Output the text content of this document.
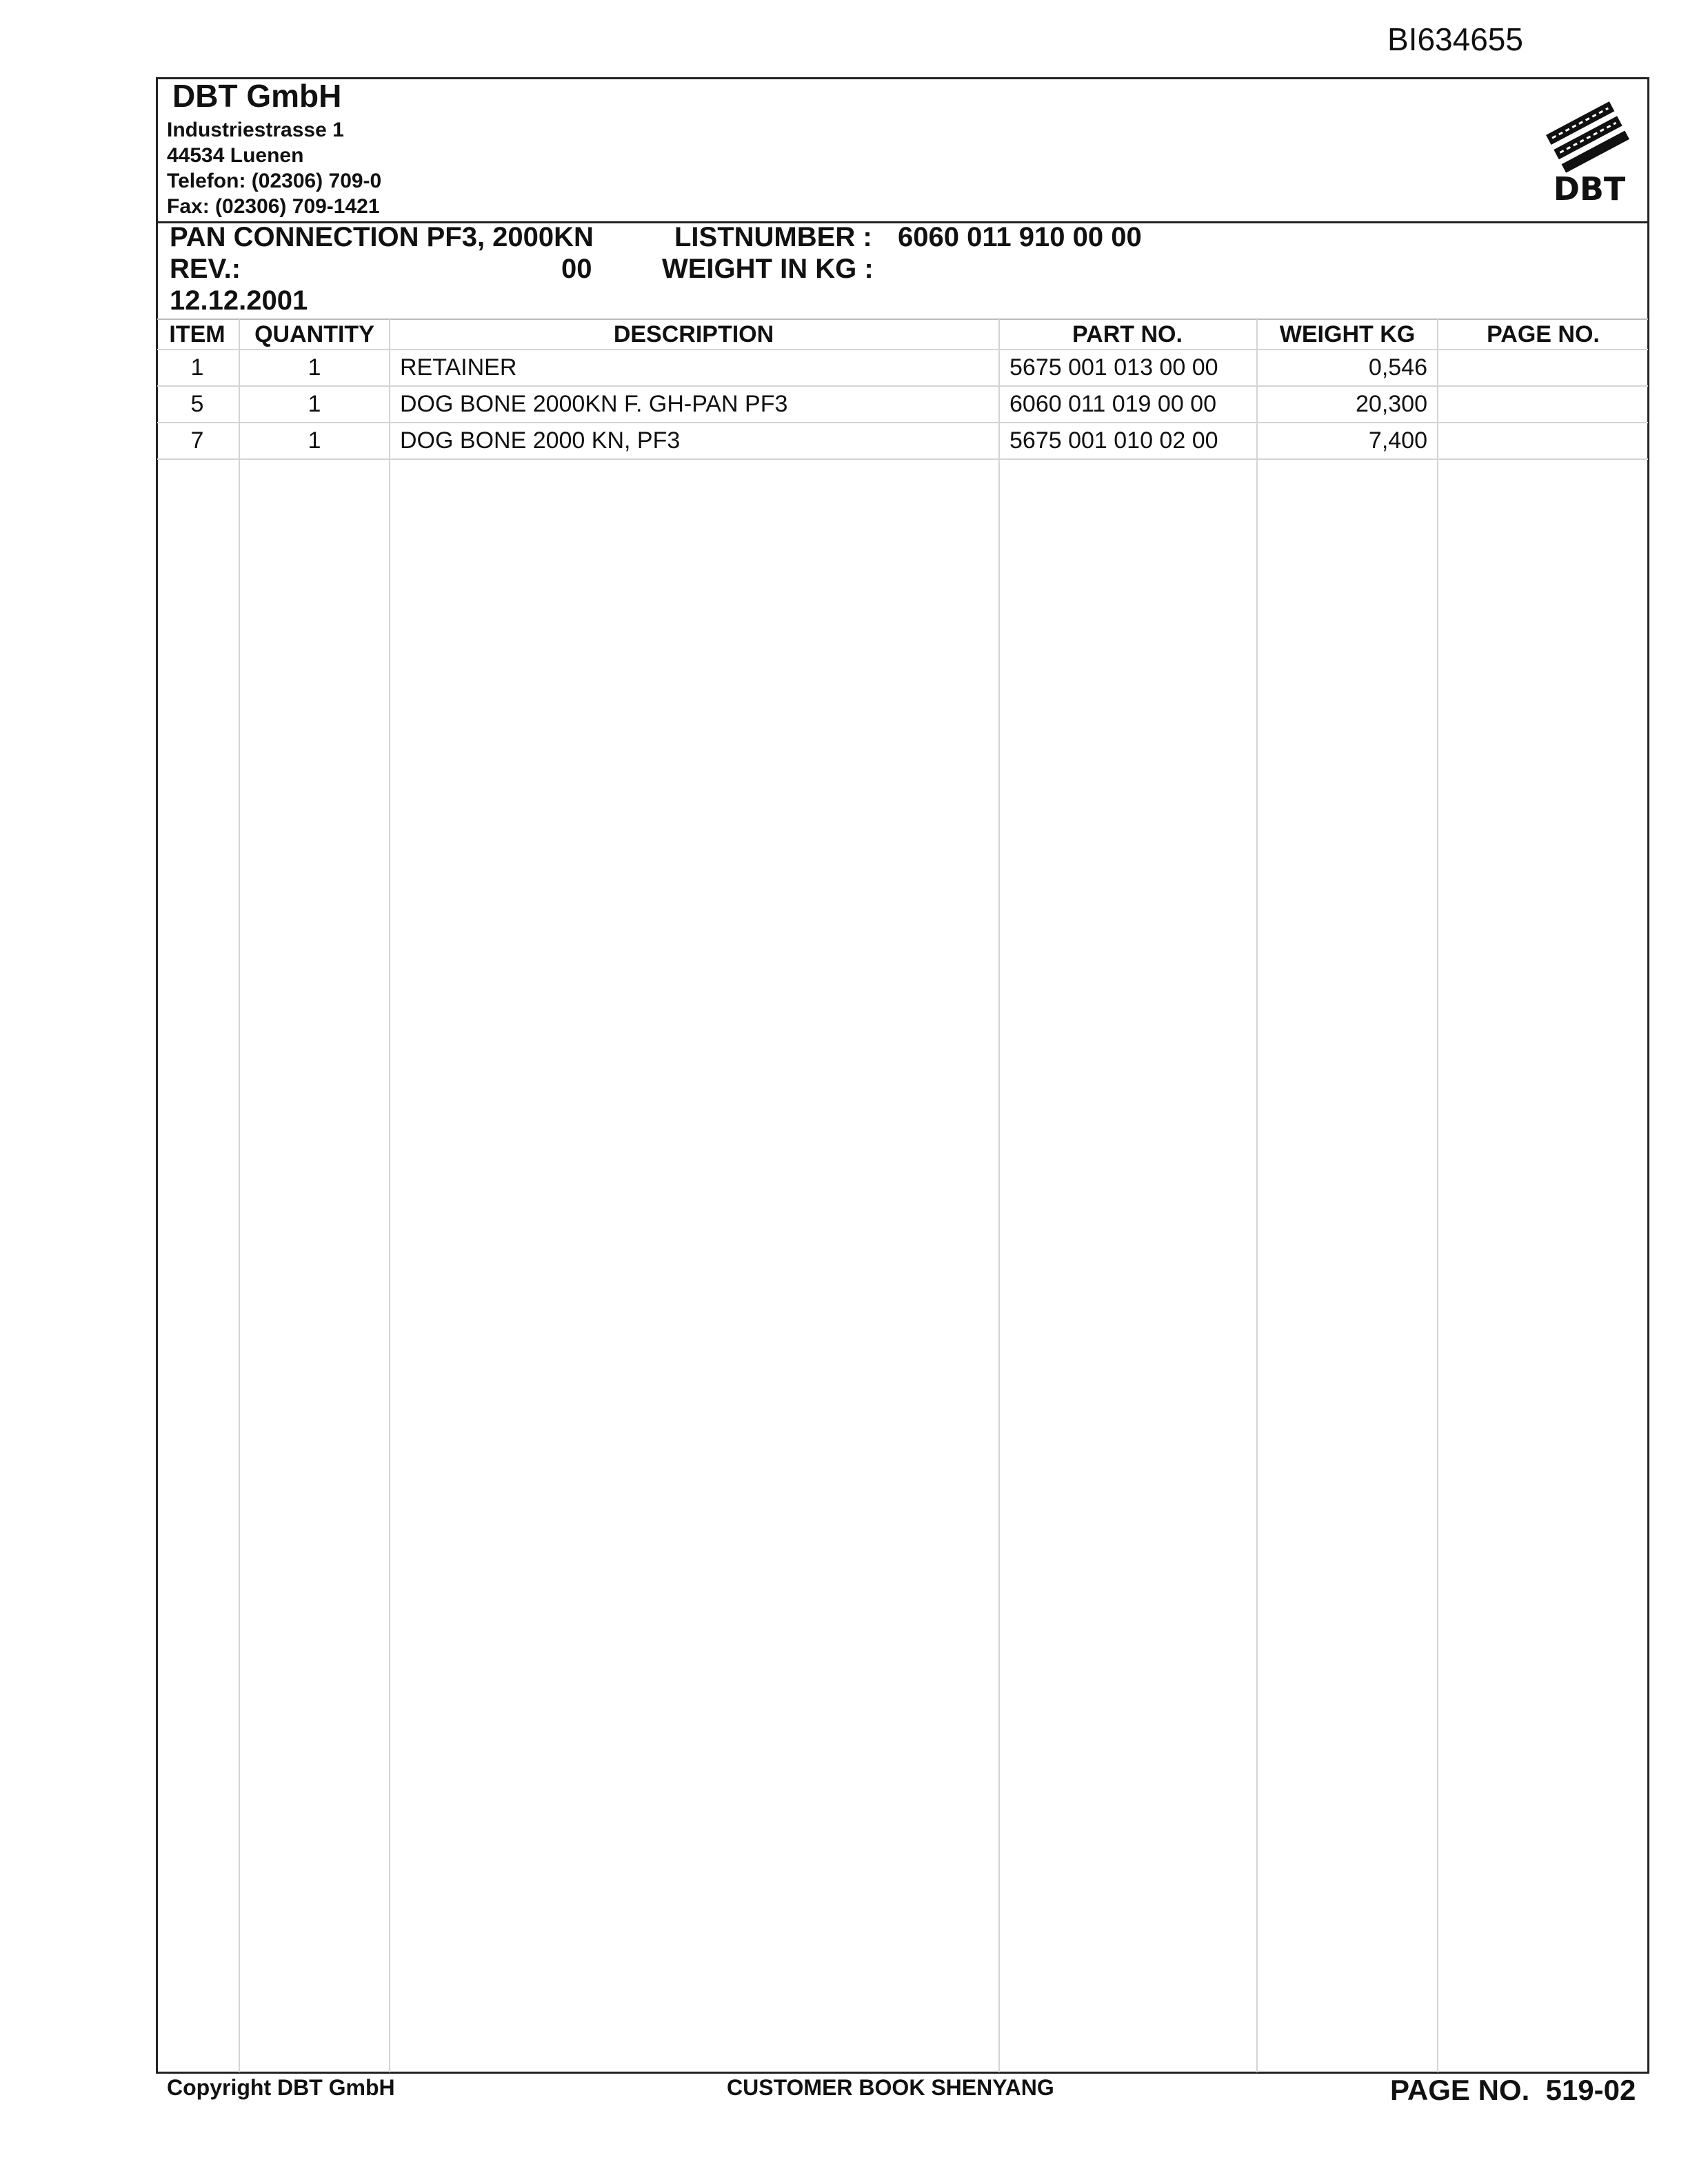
BI634655
DBT GmbH
Industriestrasse 1
44534 Luenen
Telefon: (02306) 709-0
Fax: (02306) 709-1421	DBT
PAN CONNECTION PF3, 2000KN	LISTNUMBER : 6060 011 910 00 00
REV.:	00	WEIGHT IN KG :
12.12.2001
ITEM	QUANTITY	DESCRIPTION	PART NO.	WEIGHT KG	PAGE NO.
1	1	RETAINER	5675 001 013 00 00	0,546
5	1	DOG BONE 2000KN F. GH-PAN PF3	6060 011 019 00 00	20,300
7	1	DOG BONE 2000 KN, PF3	5675 001 010 02 00	7,400
Copyright DBT GmbH	CUSTOMER BOOK SHENYANG	PAGE NO. 519-02
